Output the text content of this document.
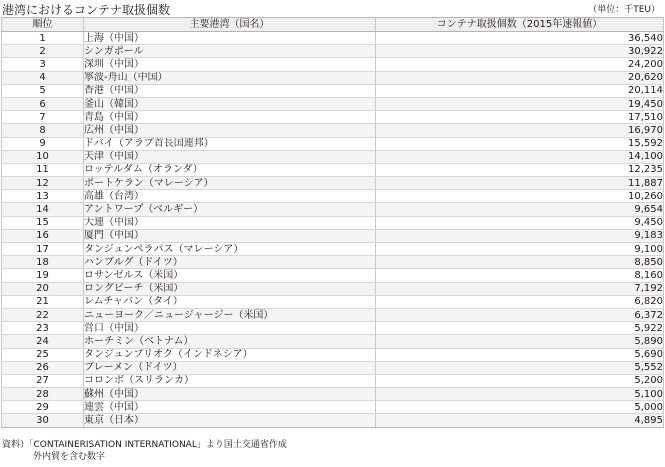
港湾におけるコンテナ取扱個数	（単位：千TEU）
順位	主要港湾（国名）	コンテナ取扱個数（2015年速報値）
1	上海（中国）	36,540
2	シンガポール	30,922
3	深圳（中国）	24,200
4	寧波-舟山（中国）	20,620
5	香港（中国）	20,114
6	釜山（韓国）	19,450
7	青島（中国）	17,510
8	広州（中国）	16,970
9	ドバイ（アラブ首長国連邦）	15,592
10	天津（中国）	14,100
11	ロッテルダム（オランダ）	12,235
12	ポートケラン（マレーシア）	11,887
13	高雄（台湾）	10,260
14	アントワープ（ベルギー）	9,654
15	大連（中国）	9,450
16	厦門（中国）	9,183
17	タンジュンペラパス（マレーシア）	9,100
18	ハンブルグ（ドイツ）	8,850
19	ロサンゼルス（米国）	8,160
20	ロングビーチ（米国）	7,192
21	レムチャバン（タイ）	6,820
22	ニューヨーク／ニュージャージー（米国）	6,372
23	営口（中国）	5,922
24	ホーチミン（ベトナム）	5,890
25	タンジュンプリオク（インドネシア）	5,690
26	ブレーメン（ドイツ）	5,552
27	コロンボ（スリランカ）	5,200
28	蘇州（中国）	5,100
29	連雲（中国）	5,000
30	東京（日本）	4,895
資料）「CONTAINERISATION INTERNATIONAL」より国土交通省作成
外内貿を含む数字
